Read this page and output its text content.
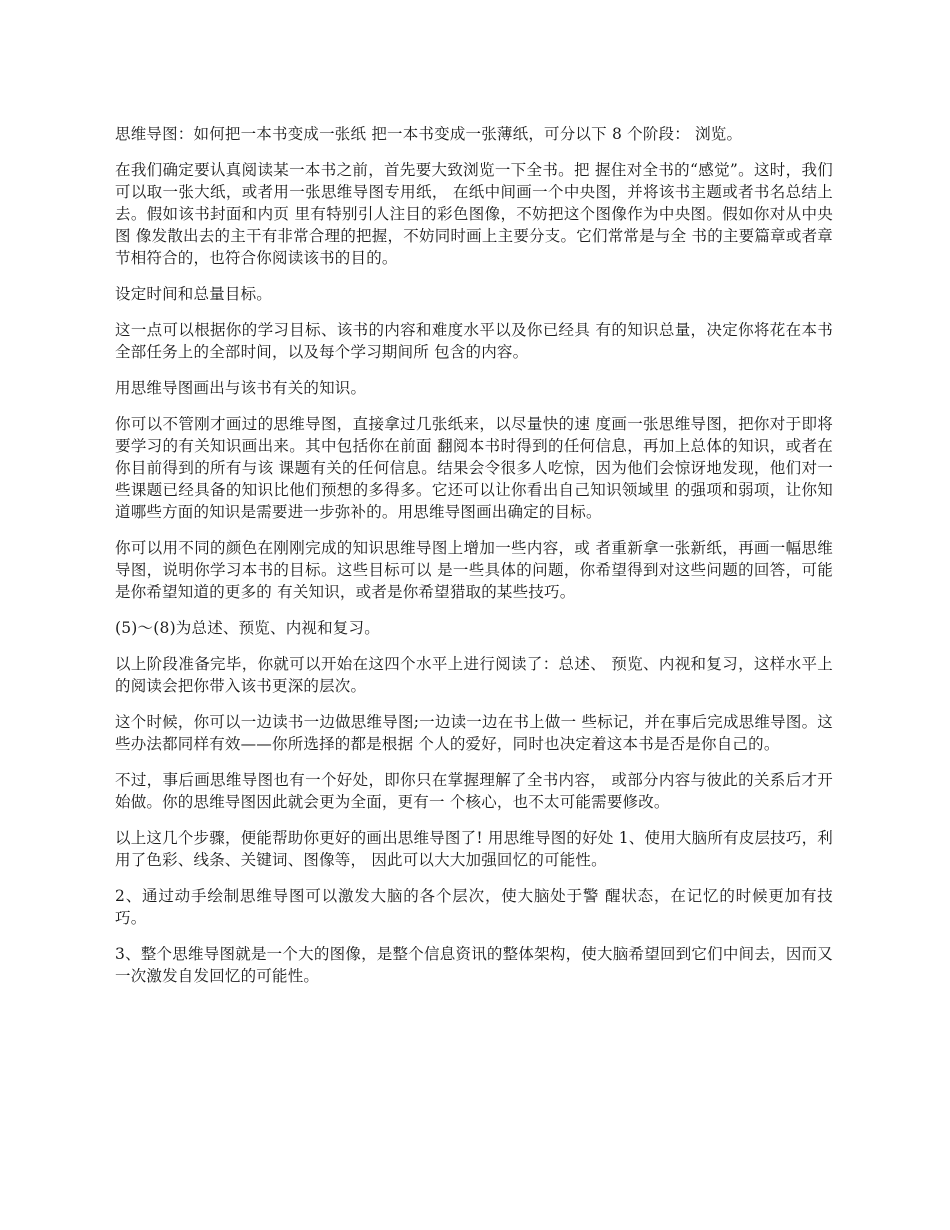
思维导图：如何把一本书变成一张纸 把一本书变成一张薄纸，可分以下 8 个阶段： 浏览。

在我们确定要认真阅读某一本书之前，首先要大致浏览一下全书。把 握住对全书的“感觉”。这时，我们可以取一张大纸，或者用一张思维导图专用纸， 在纸中间画一个中央图，并将该书主题或者书名总结上去。假如该书封面和内页 里有特别引人注目的彩色图像，不妨把这个图像作为中央图。假如你对从中央图 像发散出去的主干有非常合理的把握，不妨同时画上主要分支。它们常常是与全 书的主要篇章或者章节相符合的，也符合你阅读该书的目的。

设定时间和总量目标。

这一点可以根据你的学习目标、该书的内容和难度水平以及你已经具 有的知识总量，决定你将花在本书全部任务上的全部时间，以及每个学习期间所 包含的内容。

用思维导图画出与该书有关的知识。

你可以不管刚才画过的思维导图，直接拿过几张纸来，以尽量快的速 度画一张思维导图，把你对于即将要学习的有关知识画出来。其中包括你在前面 翻阅本书时得到的任何信息，再加上总体的知识，或者在你目前得到的所有与该 课题有关的任何信息。结果会令很多人吃惊，因为他们会惊讶地发现，他们对一 些课题已经具备的知识比他们预想的多得多。它还可以让你看出自己知识领域里 的强项和弱项，让你知道哪些方面的知识是需要进一步弥补的。用思维导图画出确定的目标。

你可以用不同的颜色在刚刚完成的知识思维导图上增加一些内容，或 者重新拿一张新纸，再画一幅思维导图，说明你学习本书的目标。这些目标可以 是一些具体的问题，你希望得到对这些问题的回答，可能是你希望知道的更多的 有关知识，或者是你希望猎取的某些技巧。

(5)～(8)为总述、预览、内视和复习。

以上阶段准备完毕，你就可以开始在这四个水平上进行阅读了：总述、 预览、内视和复习，这样水平上的阅读会把你带入该书更深的层次。

这个时候，你可以一边读书一边做思维导图;一边读一边在书上做一 些标记，并在事后完成思维导图。这些办法都同样有效——你所选择的都是根据 个人的爱好，同时也决定着这本书是否是你自己的。

不过，事后画思维导图也有一个好处，即你只在掌握理解了全书内容， 或部分内容与彼此的关系后才开始做。你的思维导图因此就会更为全面，更有一 个核心，也不太可能需要修改。

以上这几个步骤，便能帮助你更好的画出思维导图了! 用思维导图的好处 1、使用大脑所有皮层技巧，利用了色彩、线条、关键词、图像等， 因此可以大大加强回忆的可能性。

2、通过动手绘制思维导图可以激发大脑的各个层次，使大脑处于警 醒状态，在记忆的时候更加有技巧。

3、整个思维导图就是一个大的图像，是整个信息资讯的整体架构，使大脑希望回到它们中间去，因而又一次激发自发回忆的可能性。
